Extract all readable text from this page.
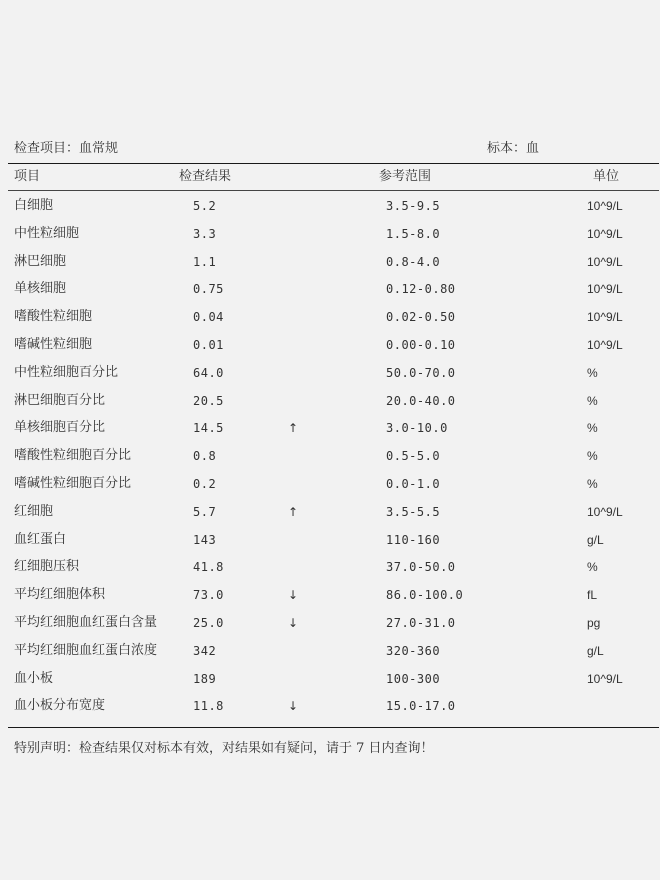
检查项目：血常规	标本：血
项目	检查结果	参考范围	单位
白细胞	5.2	3.5-9.5	10^9/L
中性粒细胞	3.3	1.5-8.0	10^9/L
淋巴细胞	1.1	0.8-4.0	10^9/L
单核细胞	0.75	0.12-0.80	10^9/L
嗜酸性粒细胞	0.04	0.02-0.50	10^9/L
嗜碱性粒细胞	0.01	0.00-0.10	10^9/L
中性粒细胞百分比	64.0	50.0-70.0	%
淋巴细胞百分比	20.5	20.0-40.0	%
单核细胞百分比	14.5	↑	3.0-10.0	%
嗜酸性粒细胞百分比	0.8	0.5-5.0	%
嗜碱性粒细胞百分比	0.2	0.0-1.0	%
红细胞	5.7	↑	3.5-5.5	10^9/L
血红蛋白	143	110-160	g/L
红细胞压积	41.8	37.0-50.0	%
平均红细胞体积	73.0	↓	86.0-100.0	fL
平均红细胞血红蛋白含量	25.0	↓	27.0-31.0	pg
平均红细胞血红蛋白浓度	342	320-360	g/L
血小板	189	100-300	10^9/L
血小板分布宽度	11.8	↓	15.0-17.0
特别声明：检查结果仅对标本有效，对结果如有疑问，请于 7 日内查询！
